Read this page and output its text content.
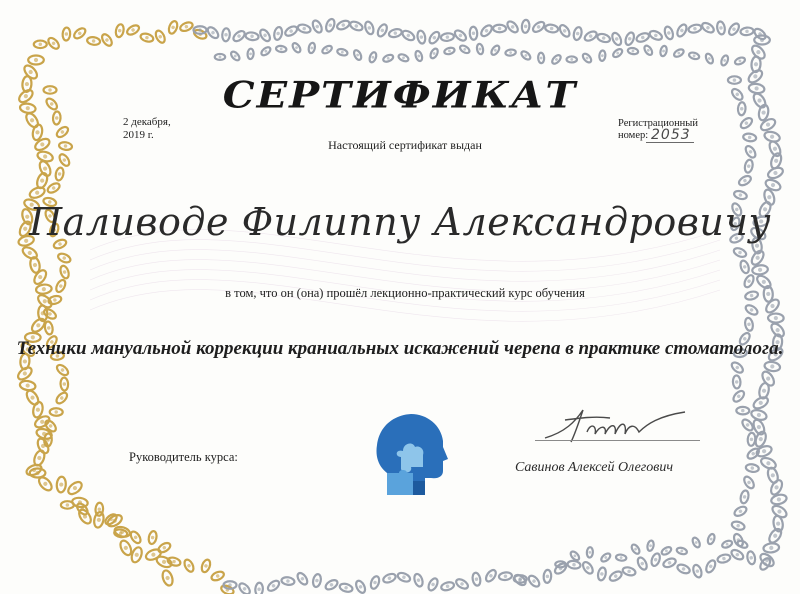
СЕРТИФИКАТ
2 декабря, 2019 г.
Настоящий сертификат выдан
Регистрационный номер: 2053
Паливоде Филиппу Александровичу
в том, что он (она) прошёл лекционно-практический курс обучения
Техники мануальной коррекции краниальных искажений черепа в практике стоматолога.
Руководитель курса:
Савинов Алексей Олегович
